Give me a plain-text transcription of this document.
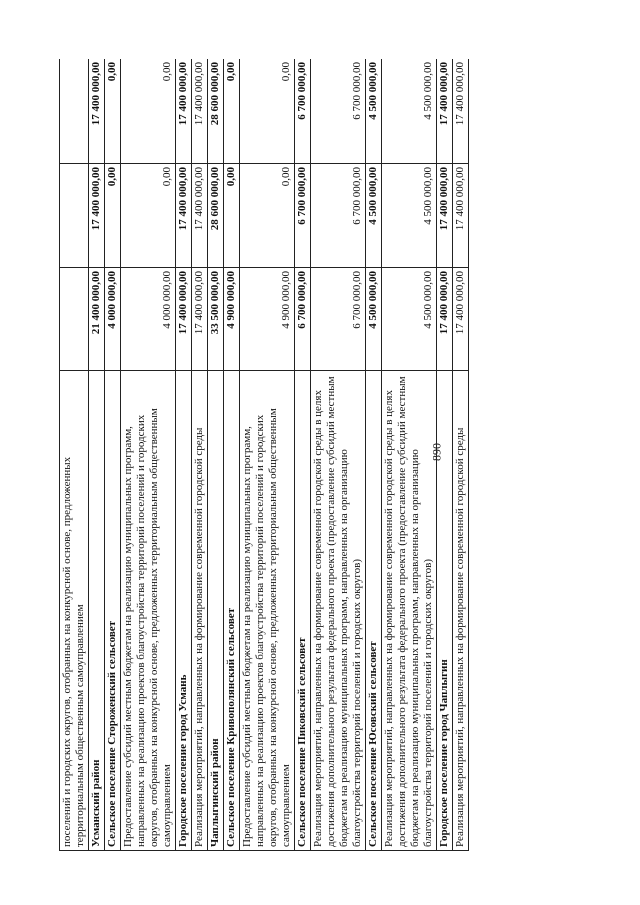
890
поселений и городских округов, отобранных на конкурсной основе, предложенных территориальным общественным самоуправлением			
Усманский район	21 400 000,00	17 400 000,00	17 400 000,00
Сельское поселение Стороженский сельсовет	4 000 000,00	0,00	0,00
Предоставление субсидий местным бюджетам на реализацию муниципальных программ, направленных на реализацию проектов благоустройства территорий поселений и городских округов, отобранных на конкурсной основе, предложенных территориальным общественным самоуправлением	4 000 000,00	0,00	0,00
Городское поселение город Усмань	17 400 000,00	17 400 000,00	17 400 000,00
Реализация мероприятий, направленных на формирование современной городской среды	17 400 000,00	17 400 000,00	17 400 000,00
Чаплыгинский район	33 500 000,00	28 600 000,00	28 600 000,00
Сельское поселение Кривополянский сельсовет	4 900 000,00	0,00	0,00
Предоставление субсидий местным бюджетам на реализацию муниципальных программ, направленных на реализацию проектов благоустройства территорий поселений и городских округов, отобранных на конкурсной основе, предложенных территориальным общественным самоуправлением	4 900 000,00	0,00	0,00
Сельское поселение Пиковский сельсовет	6 700 000,00	6 700 000,00	6 700 000,00
Реализация мероприятий, направленных на формирование современной городской среды в целях достижения дополнительного результата федерального проекта (предоставление субсидий местным бюджетам на реализацию муниципальных программ, направленных на организацию благоустройства территорий поселений и городских округов)	6 700 000,00	6 700 000,00	6 700 000,00
Сельское поселение Юсовский сельсовет	4 500 000,00	4 500 000,00	4 500 000,00
Реализация мероприятий, направленных на формирование современной городской среды в целях достижения дополнительного результата федерального проекта (предоставление субсидий местным бюджетам на реализацию муниципальных программ, направленных на организацию благоустройства территорий поселений и городских округов)	4 500 000,00	4 500 000,00	4 500 000,00
Городское поселение город Чаплыгин	17 400 000,00	17 400 000,00	17 400 000,00
Реализация мероприятий, направленных на формирование современной городской среды	17 400 000,00	17 400 000,00	17 400 000,00
